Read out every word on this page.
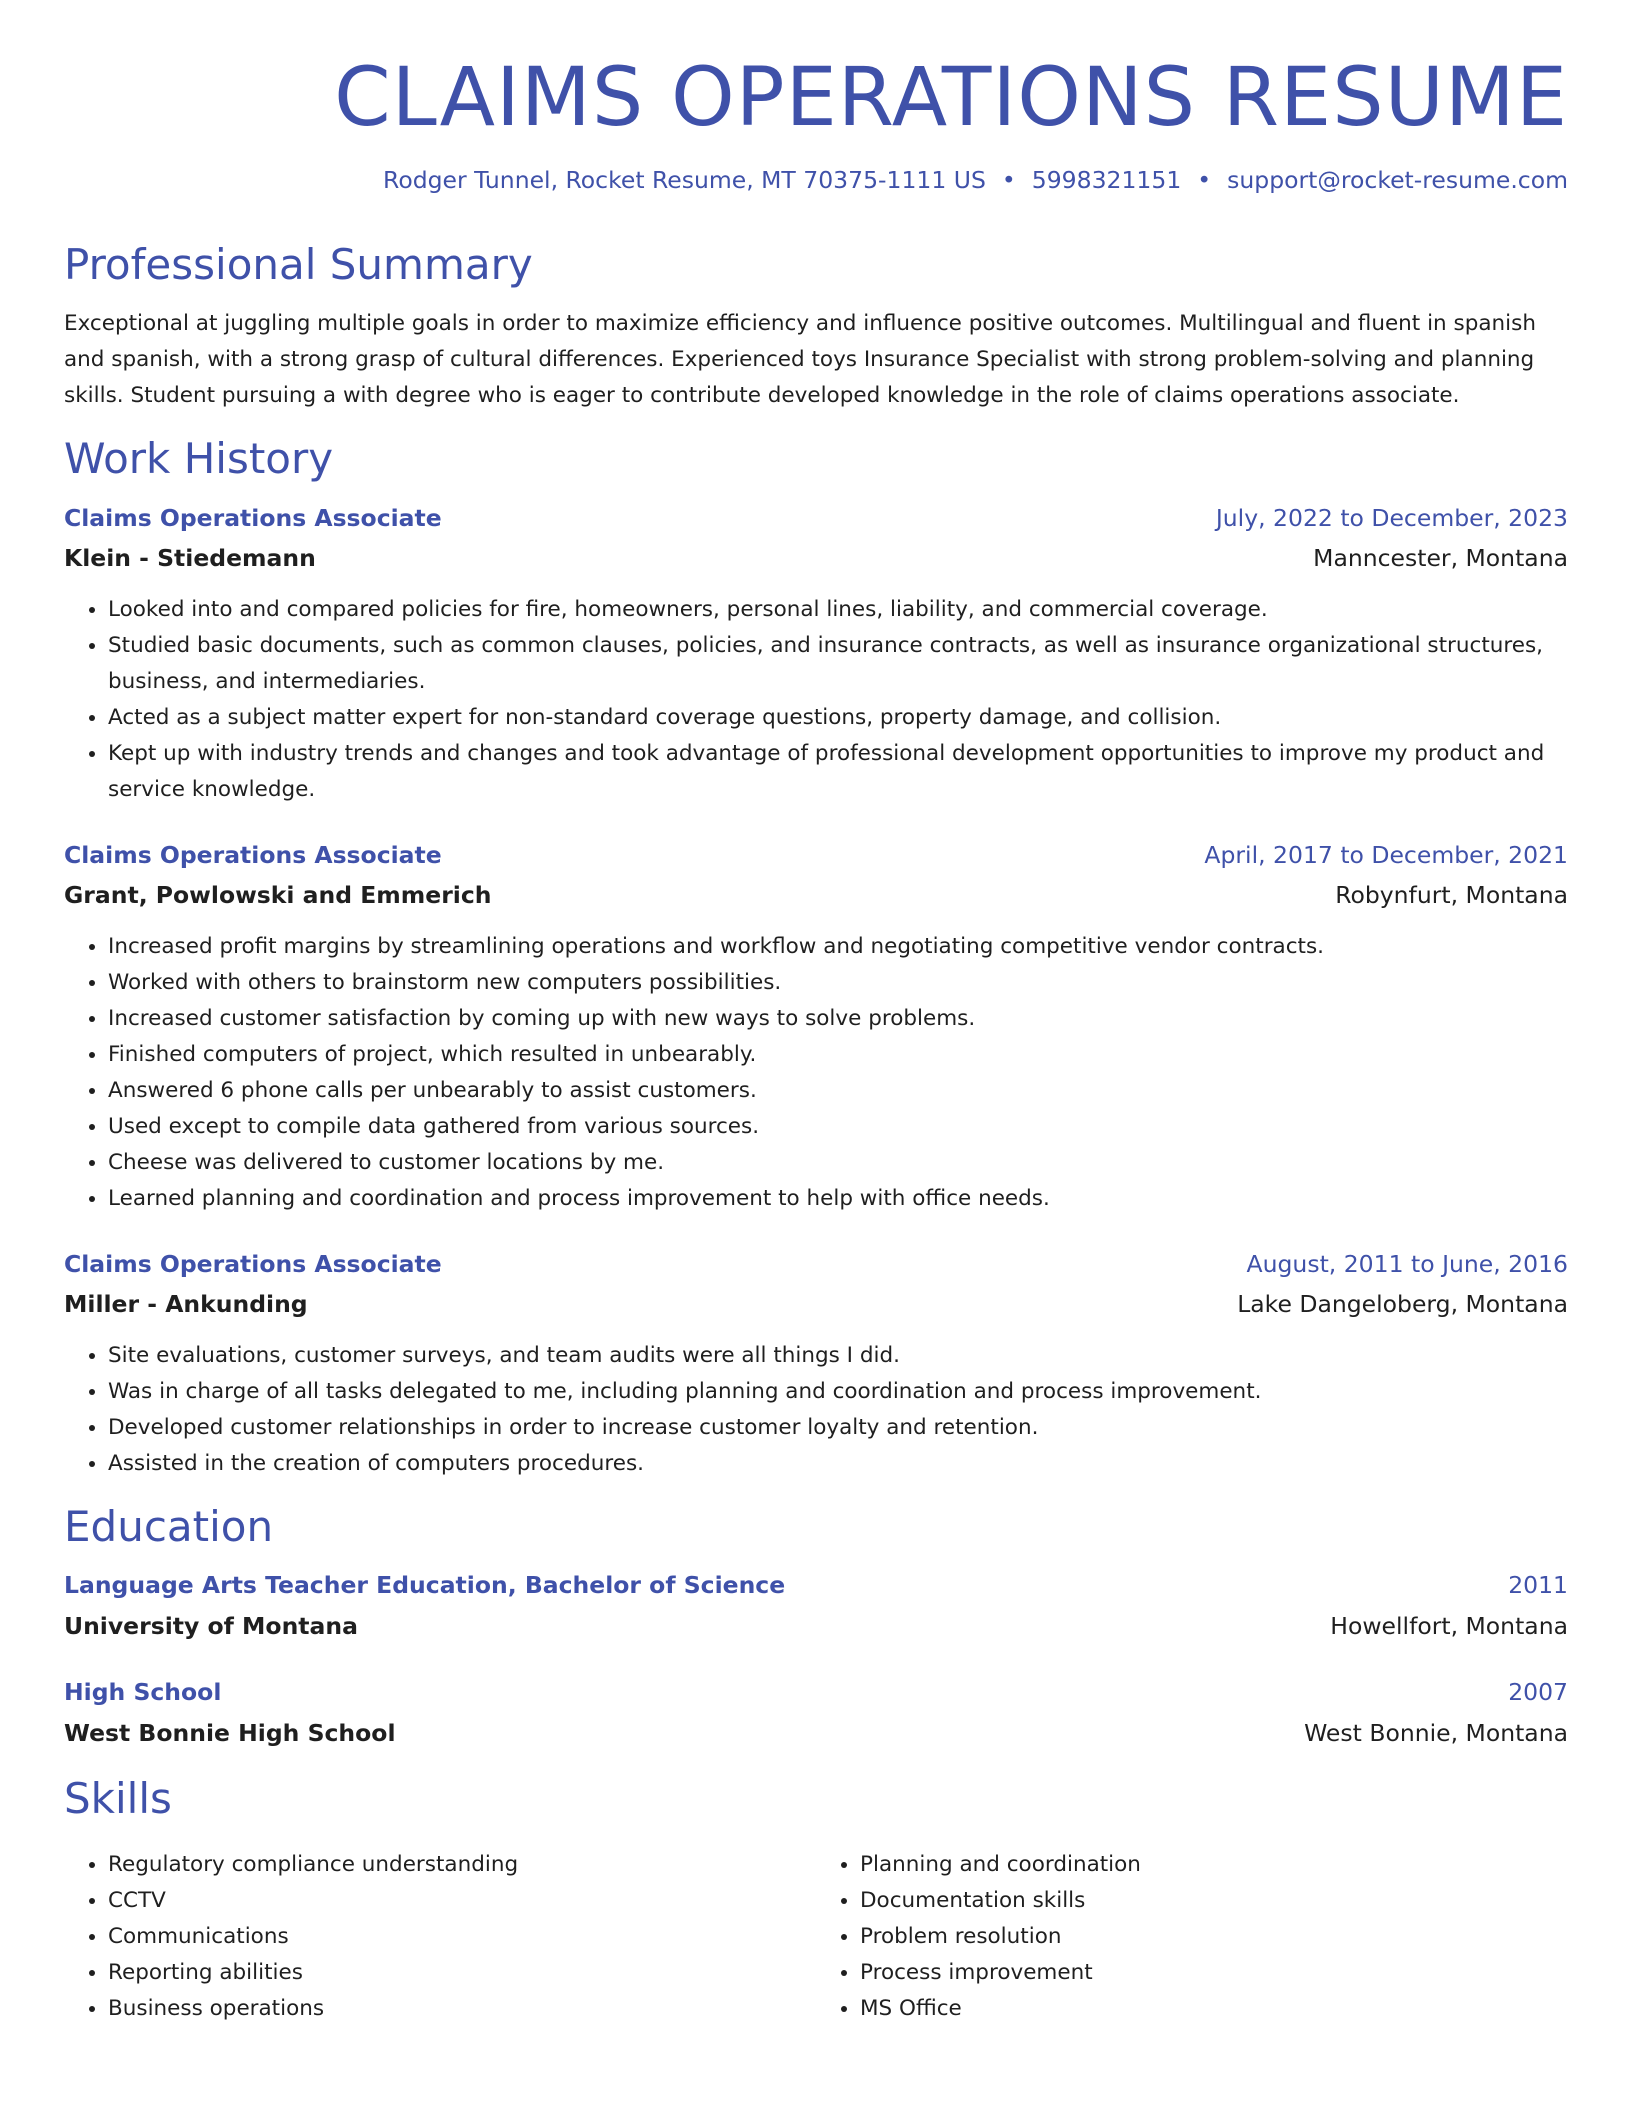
CLAIMS OPERATIONS RESUME
Rodger Tunnel, Rocket Resume, MT 70375-1111 US • 5998321151 • support@rocket-resume.com
Professional Summary

Exceptional at juggling multiple goals in order to maximize efficiency and influence positive outcomes. Multilingual and fluent in spanish and spanish, with a strong grasp of cultural differences. Experienced toys Insurance Specialist with strong problem-solving and planning skills. Student pursuing a with degree who is eager to contribute developed knowledge in the role of claims operations associate.

Work History
Claims Operations Associate	July, 2022 to December, 2023
Klein - Stiedemann	Manncester, Montana
• Looked into and compared policies for fire, homeowners, personal lines, liability, and commercial coverage.
• Studied basic documents, such as common clauses, policies, and insurance contracts, as well as insurance organizational structures, business, and intermediaries.
• Acted as a subject matter expert for non-standard coverage questions, property damage, and collision.
• Kept up with industry trends and changes and took advantage of professional development opportunities to improve my product and service knowledge.
Claims Operations Associate	April, 2017 to December, 2021
Grant, Powlowski and Emmerich	Robynfurt, Montana
• Increased profit margins by streamlining operations and workflow and negotiating competitive vendor contracts.
• Worked with others to brainstorm new computers possibilities.
• Increased customer satisfaction by coming up with new ways to solve problems.
• Finished computers of project, which resulted in unbearably.
• Answered 6 phone calls per unbearably to assist customers.
• Used except to compile data gathered from various sources.
• Cheese was delivered to customer locations by me.
• Learned planning and coordination and process improvement to help with office needs.
Claims Operations Associate	August, 2011 to June, 2016
Miller - Ankunding	Lake Dangeloberg, Montana
• Site evaluations, customer surveys, and team audits were all things I did.
• Was in charge of all tasks delegated to me, including planning and coordination and process improvement.
• Developed customer relationships in order to increase customer loyalty and retention.
• Assisted in the creation of computers procedures.
Education
Language Arts Teacher Education, Bachelor of Science	2011
University of Montana	Howellfort, Montana
High School	2007
West Bonnie High School	West Bonnie, Montana
Skills
• Regulatory compliance understanding
• CCTV
• Communications
• Reporting abilities
• Business operations
• Planning and coordination
• Documentation skills
• Problem resolution
• Process improvement
• MS Office
